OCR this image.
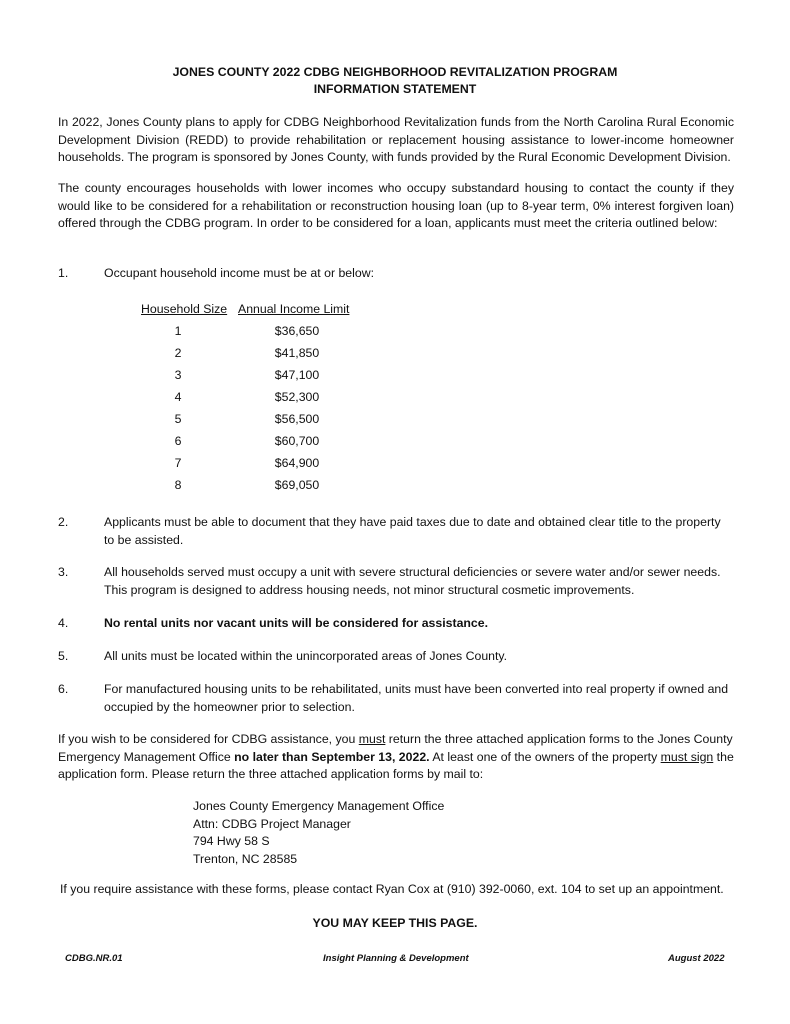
JONES COUNTY 2022 CDBG NEIGHBORHOOD REVITALIZATION PROGRAM
INFORMATION STATEMENT
In 2022, Jones County plans to apply for CDBG Neighborhood Revitalization funds from the North Carolina Rural Economic Development Division (REDD) to provide rehabilitation or replacement housing assistance to lower-income homeowner households. The program is sponsored by Jones County, with funds provided by the Rural Economic Development Division.
The county encourages households with lower incomes who occupy substandard housing to contact the county if they would like to be considered for a rehabilitation or reconstruction housing loan (up to 8-year term, 0% interest forgiven loan) offered through the CDBG program. In order to be considered for a loan, applicants must meet the criteria outlined below:
1.	Occupant household income must be at or below:
Household Size Annual Income Limit
1	$36,650
2	$41,850
3	$47,100
4	$52,300
5	$56,500
6	$60,700
7	$64,900
8	$69,050
2.	Applicants must be able to document that they have paid taxes due to date and obtained clear title to the property to be assisted.
3.	All households served must occupy a unit with severe structural deficiencies or severe water and/or sewer needs. This program is designed to address housing needs, not minor structural cosmetic improvements.
4.	No rental units nor vacant units will be considered for assistance.
5.	All units must be located within the unincorporated areas of Jones County.
6.	For manufactured housing units to be rehabilitated, units must have been converted into real property if owned and occupied by the homeowner prior to selection.
If you wish to be considered for CDBG assistance, you must return the three attached application forms to the Jones County Emergency Management Office no later than September 13, 2022. At least one of the owners of the property must sign the application form. Please return the three attached application forms by mail to:
Jones County Emergency Management Office
Attn: CDBG Project Manager
794 Hwy 58 S
Trenton, NC 28585
If you require assistance with these forms, please contact Ryan Cox at (910) 392-0060, ext. 104 to set up an appointment.
YOU MAY KEEP THIS PAGE.
CDBG.NR.01	Insight Planning & Development	August 2022
